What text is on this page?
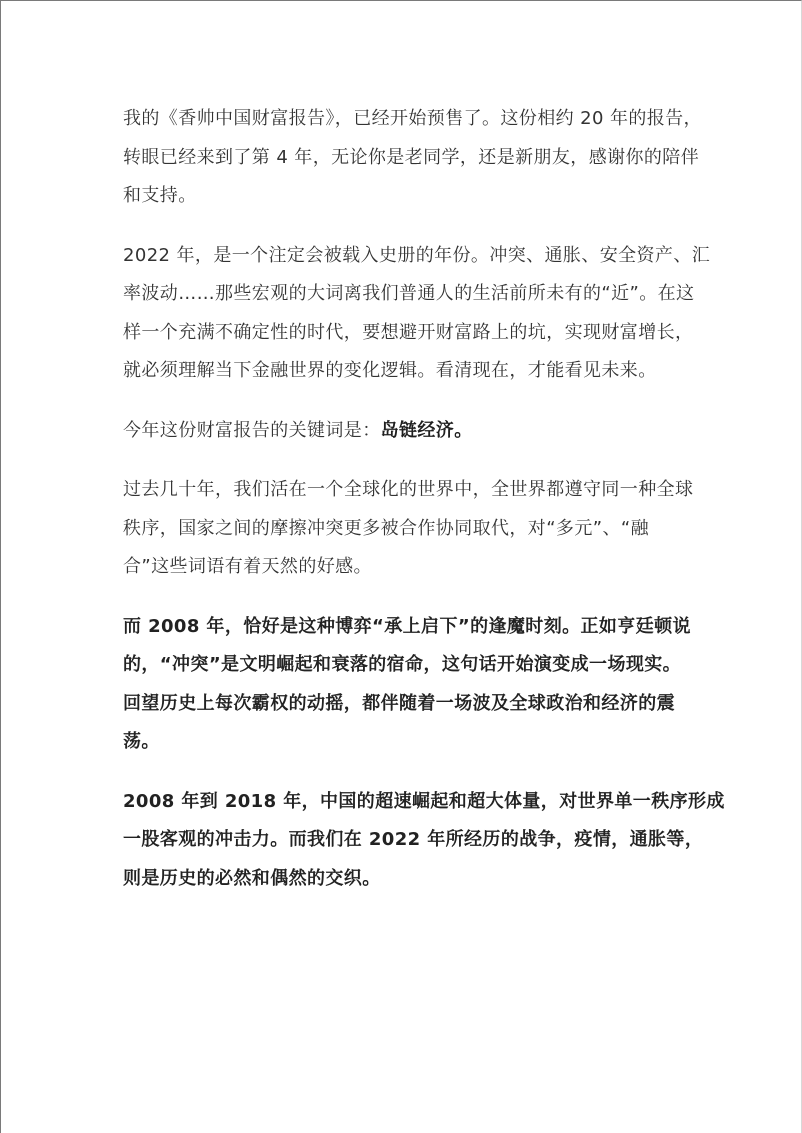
我的《香帅中国财富报告》，已经开始预售了。这份相约 20 年的报告，
转眼已经来到了第 4 年，无论你是老同学，还是新朋友，感谢你的陪伴
和支持。

2022 年，是一个注定会被载入史册的年份。冲突、通胀、安全资产、汇
率波动……那些宏观的大词离我们普通人的生活前所未有的“近”。在这
样一个充满不确定性的时代，要想避开财富路上的坑，实现财富增长，
就必须理解当下金融世界的变化逻辑。看清现在，才能看见未来。

今年这份财富报告的关键词是：岛链经济。

过去几十年，我们活在一个全球化的世界中，全世界都遵守同一种全球
秩序，国家之间的摩擦冲突更多被合作协同取代，对“多元”、“融
合”这些词语有着天然的好感。

而 2008 年，恰好是这种博弈“承上启下”的逢魔时刻。正如亨廷顿说
的，“冲突”是文明崛起和衰落的宿命，这句话开始演变成一场现实。
回望历史上每次霸权的动摇，都伴随着一场波及全球政治和经济的震
荡。

2008 年到 2018 年，中国的超速崛起和超大体量，对世界单一秩序形成
一股客观的冲击力。而我们在 2022 年所经历的战争，疫情，通胀等，
则是历史的必然和偶然的交织。
